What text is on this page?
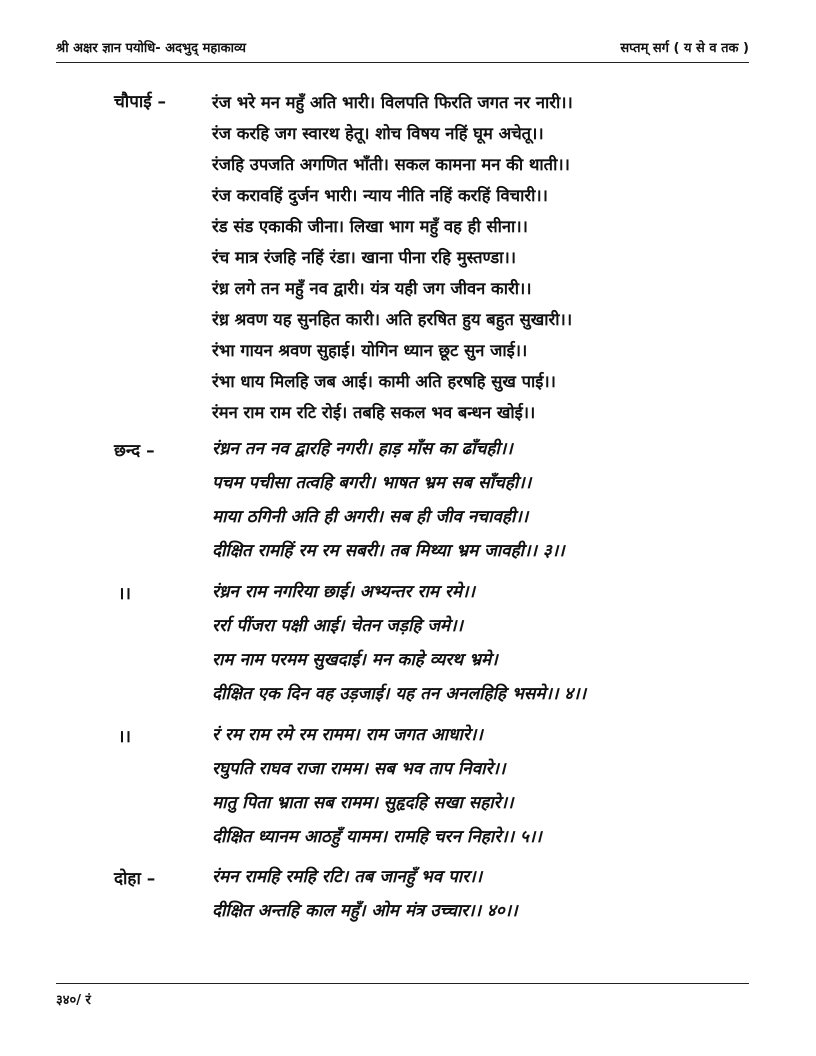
श्री अक्षर ज्ञान पयोधि- अदभुद् महाकाव्य	सप्तम् सर्ग ( य से व तक )
चौपाई –	रंज भरे मन महुँ अति भारी। विलपति फिरति जगत नर नारी।।
रंज करहि जग स्वारथ हेतू। शोच विषय नहिं घूम अचेतू।।
रंजहि उपजति अगणित भाँती। सकल कामना मन की थाती।।
रंज करावहिं दुर्जन भारी। न्याय नीति नहिं करहिं विचारी।।
रंड संड एकाकी जीना। लिखा भाग महुँ वह ही सीना।।
रंच मात्र रंजहि नहिं रंडा। खाना पीना रहि मुस्तण्डा।।
रंध्र लगे तन महुँ नव द्वारी। यंत्र यही जग जीवन कारी।।
रंध्र श्रवण यह सुनहित कारी। अति हरषित हुय बहुत सुखारी।।
रंभा गायन श्रवण सुहाई। योगिन ध्यान छूट सुन जाई।।
रंभा धाय मिलहि जब आई। कामी अति हरषहि सुख पाई।।
रंमन राम राम रटि रोई। तबहि सकल भव बन्धन खोई।।
छन्द –	रंध्रन तन नव द्वारहि नगरी। हाड़ माँस का ढाँचही।।
पचम पचीसा तत्वहि बगरी। भाषत भ्रम सब साँचही।।
माया ठगिनी अति ही अगरी। सब ही जीव नचावही।।
दीक्षित रामहिं रम रम सबरी। तब मिथ्या भ्रम जावही।। ३।।
।।	रंध्रन राम नगरिया छाई। अभ्यन्तर राम रमे।।
रर्रा पींजरा पक्षी आई। चेतन जड़हि जमे।।
राम नाम परमम सुखदाई। मन काहे व्यरथ भ्रमे।
दीक्षित एक दिन वह उड़जाई। यह तन अनलहिहि भसमे।। ४।।
।।	रं रम राम रमे रम रामम। राम जगत आधारे।।
रघुपति राघव राजा रामम। सब भव ताप निवारे।।
मातु पिता भ्राता सब रामम। सुहृदहि सखा सहारे।।
दीक्षित ध्यानम आठहुँ यामम। रामहि चरन निहारे।। ५।।
दोहा –	रंमन रामहि रमहि रटि। तब जानहुँ भव पार।।
दीक्षित अन्तहि काल महुँ। ओम मंत्र उच्चार।। ४०।।
३४०/ रं
